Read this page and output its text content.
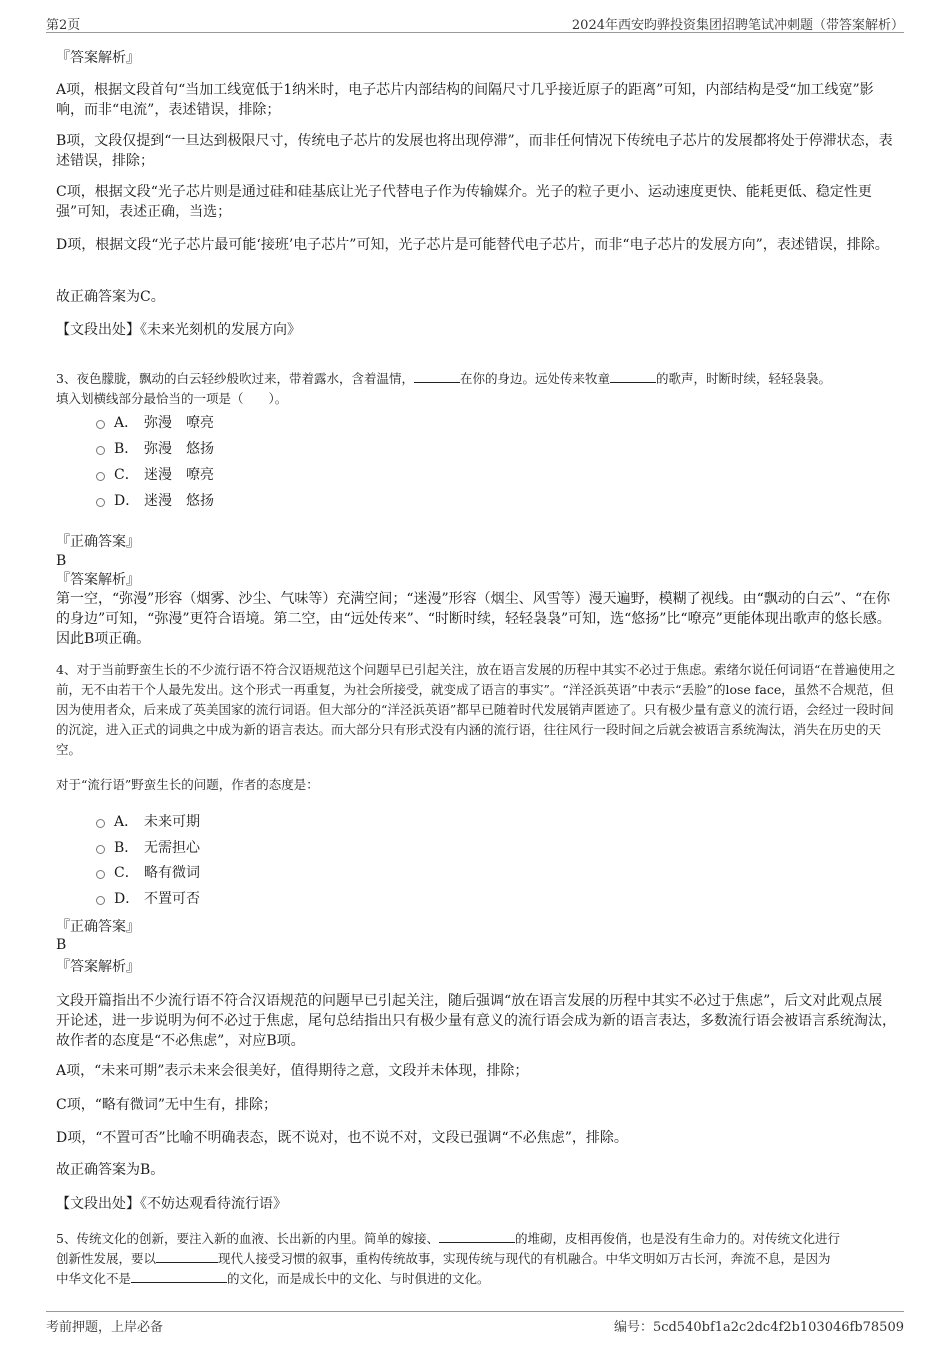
第2页	2024年西安昀骅投资集团招聘笔试冲刺题（带答案解析）

『答案解析』

A项，根据文段首句“当加工线宽低于1纳米时，电子芯片内部结构的间隔尺寸几乎接近原子的距离”可知，内部结构是受“加工线宽”影响，而非“电流”，表述错误，排除；

B项，文段仅提到“一旦达到极限尺寸，传统电子芯片的发展也将出现停滞”，而非任何情况下传统电子芯片的发展都将处于停滞状态，表述错误，排除；

C项，根据文段“光子芯片则是通过硅和硅基底让光子代替电子作为传输媒介。光子的粒子更小、运动速度更快、能耗更低、稳定性更强”可知，表述正确，当选；

D项，根据文段“光子芯片最可能‘接班’电子芯片”可知，光子芯片是可能替代电子芯片，而非“电子芯片的发展方向”，表述错误，排除。

故正确答案为C。

【文段出处】《未来光刻机的发展方向》

3、夜色朦胧，飘动的白云轻纱般吹过来，带着露水，含着温情，	在你的身边。远处传来牧童	的歌声，时断时续，轻轻袅袅。
填入划横线部分最恰当的一项是（　　）。
A． 弥漫　嘹亮
B． 弥漫　悠扬
C． 迷漫　嘹亮
D． 迷漫　悠扬

『正确答案』

B

『答案解析』

第一空，“弥漫”形容（烟雾、沙尘、气味等）充满空间；“迷漫”形容（烟尘、风雪等）漫天遍野，模糊了视线。由“飘动的白云”、“在你的身边”可知，“弥漫”更符合语境。第二空，由“远处传来”、“时断时续，轻轻袅袅”可知，选“悠扬”比“嘹亮”更能体现出歌声的悠长感。因此B项正确。

4、对于当前野蛮生长的不少流行语不符合汉语规范这个问题早已引起关注，放在语言发展的历程中其实不必过于焦虑。索绪尔说任何词语“在普遍使用之前，无不由若干个人最先发出。这个形式一再重复，为社会所接受，就变成了语言的事实”。“洋泾浜英语”中表示“丢脸”的lose face，虽然不合规范，但因为使用者众，后来成了英美国家的流行词语。但大部分的“洋泾浜英语”都早已随着时代发展销声匿迹了。只有极少量有意义的流行语，会经过一段时间的沉淀，进入正式的词典之中成为新的语言表达。而大部分只有形式没有内涵的流行语，往往风行一段时间之后就会被语言系统淘汰，消失在历史的天空。

对于“流行语”野蛮生长的问题，作者的态度是：

A． 未来可期
B． 无需担心
C． 略有微词
D． 不置可否

『正确答案』

B

『答案解析』

文段开篇指出不少流行语不符合汉语规范的问题早已引起关注，随后强调“放在语言发展的历程中其实不必过于焦虑”，后文对此观点展开论述，进一步说明为何不必过于焦虑，尾句总结指出只有极少量有意义的流行语会成为新的语言表达，多数流行语会被语言系统淘汰，故作者的态度是“不必焦虑”，对应B项。

A项，“未来可期”表示未来会很美好，值得期待之意，文段并未体现，排除；

C项，“略有微词”无中生有，排除；

D项，“不置可否”比喻不明确表态，既不说对，也不说不对，文段已强调“不必焦虑”，排除。

故正确答案为B。

【文段出处】《不妨达观看待流行语》

5、传统文化的创新，要注入新的血液、长出新的内里。简单的嫁接、	的堆砌，皮相再俊俏，也是没有生命力的。对传统文化进行
创新性发展，要以	现代人接受习惯的叙事，重构传统故事，实现传统与现代的有机融合。中华文明如万古长河，奔流不息，是因为
中华文化不是	的文化，而是成长中的文化、与时俱进的文化。
考前押题，上岸必备	编号：5cd540bf1a2c2dc4f2b103046fb78509
